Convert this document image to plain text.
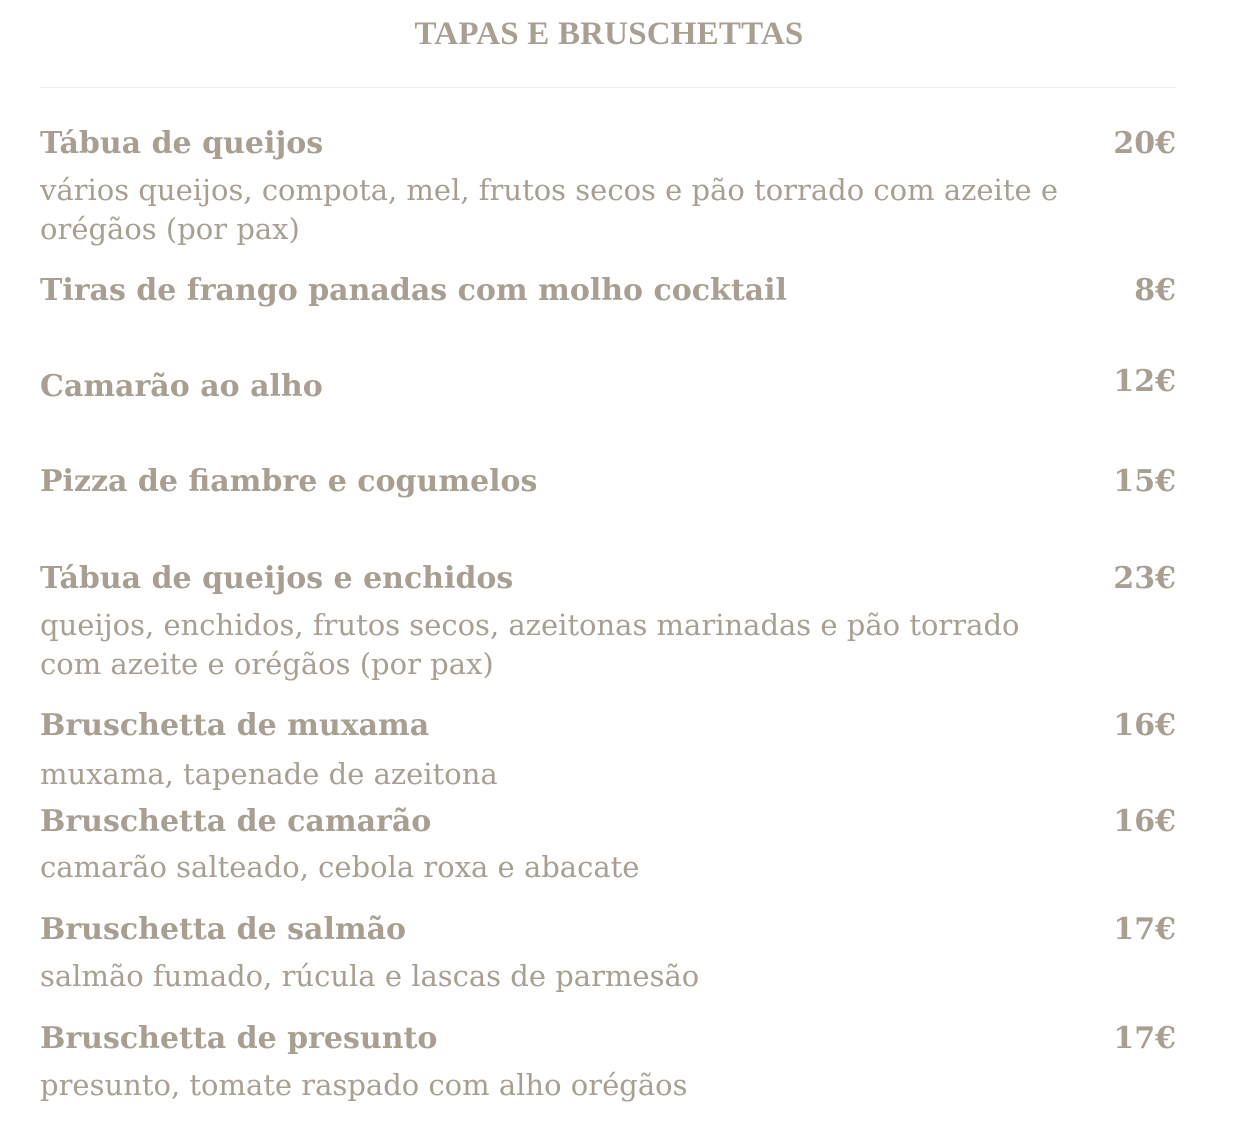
TAPAS E BRUSCHETTAS
Tábua de queijos	20€
vários queijos, compota, mel, frutos secos e pão torrado com azeite e orégãos (por pax)
Tiras de frango panadas com molho cocktail	8€
Camarão ao alho	12€
Pizza de fiambre e cogumelos	15€
Tábua de queijos e enchidos	23€
queijos, enchidos, frutos secos, azeitonas marinadas e pão torrado com azeite e orégãos (por pax)
Bruschetta de muxama	16€
muxama, tapenade de azeitona
Bruschetta de camarão	16€
camarão salteado, cebola roxa e abacate
Bruschetta de salmão	17€
salmão fumado, rúcula e lascas de parmesão
Bruschetta de presunto	17€
presunto, tomate raspado com alho orégãos
